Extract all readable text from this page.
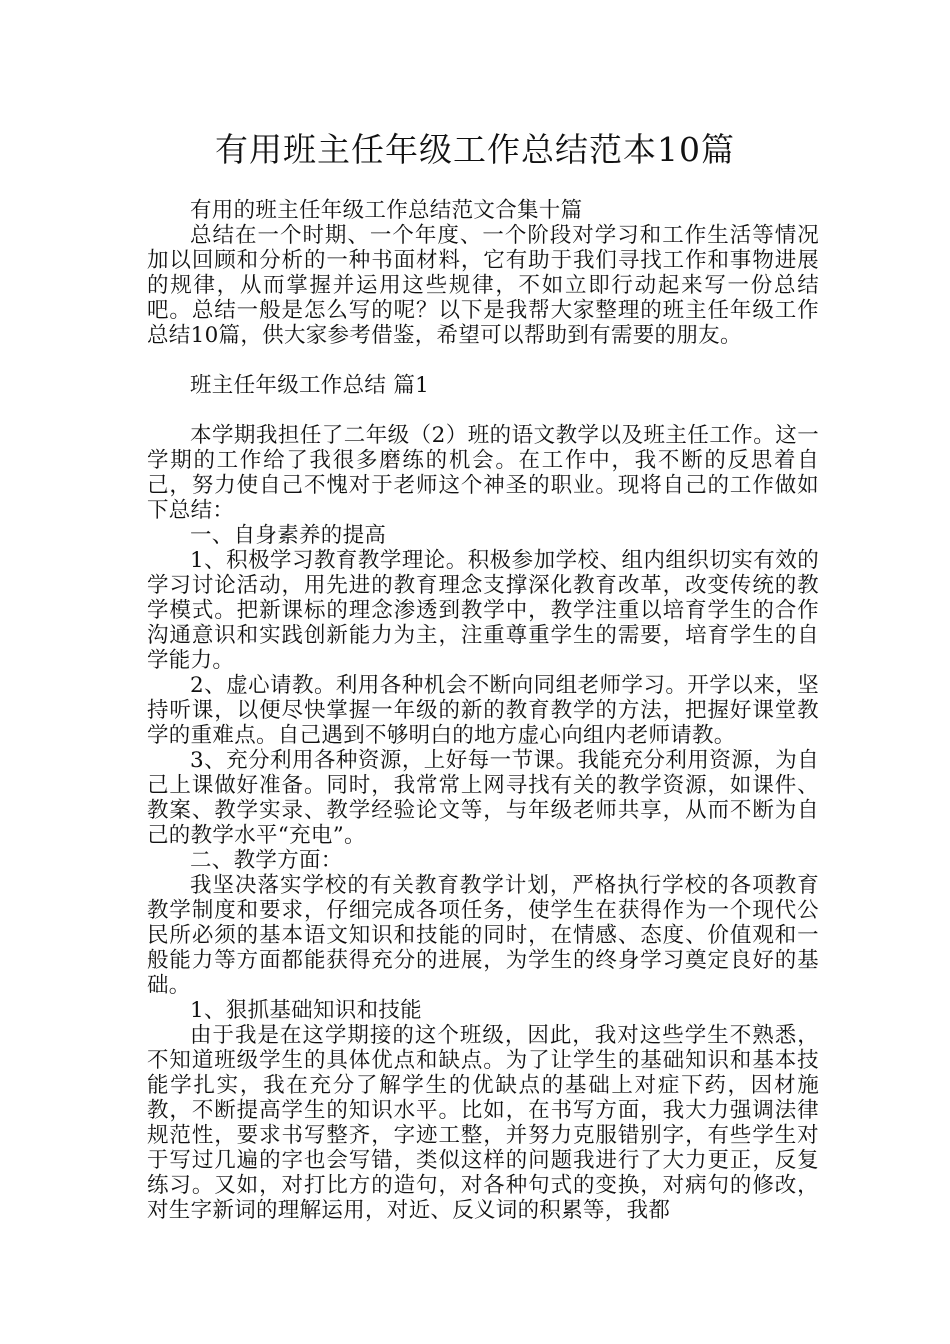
有用班主任年级工作总结范本10篇

有用的班主任年级工作总结范文合集十篇

总结在一个时期、一个年度、一个阶段对学习和工作生活等情况加以回顾和分析的一种书面材料，它有助于我们寻找工作和事物进展的规律，从而掌握并运用这些规律，不如立即行动起来写一份总结吧。总结一般是怎么写的呢？以下是我帮大家整理的班主任年级工作总结10篇，供大家参考借鉴，希望可以帮助到有需要的朋友。

班主任年级工作总结 篇1

本学期我担任了二年级（2）班的语文教学以及班主任工作。这一学期的工作给了我很多磨练的机会。在工作中，我不断的反思着自己，努力使自己不愧对于老师这个神圣的职业。现将自己的工作做如下总结：

一、自身素养的提高

1、积极学习教育教学理论。积极参加学校、组内组织切实有效的学习讨论活动，用先进的教育理念支撑深化教育改革，改变传统的教学模式。把新课标的理念渗透到教学中，教学注重以培育学生的合作沟通意识和实践创新能力为主，注重尊重学生的需要，培育学生的自学能力。

2、虚心请教。利用各种机会不断向同组老师学习。开学以来，坚持听课，以便尽快掌握一年级的新的教育教学的方法，把握好课堂教学的重难点。自己遇到不够明白的地方虚心向组内老师请教。

3、充分利用各种资源，上好每一节课。我能充分利用资源，为自己上课做好准备。同时，我常常上网寻找有关的教学资源，如课件、教案、教学实录、教学经验论文等，与年级老师共享，从而不断为自己的教学水平“充电”。

二、教学方面：

我坚决落实学校的有关教育教学计划，严格执行学校的各项教育教学制度和要求，仔细完成各项任务，使学生在获得作为一个现代公民所必须的基本语文知识和技能的同时，在情感、态度、价值观和一般能力等方面都能获得充分的进展，为学生的终身学习奠定良好的基础。

1、狠抓基础知识和技能

由于我是在这学期接的这个班级，因此，我对这些学生不熟悉，不知道班级学生的具体优点和缺点。为了让学生的基础知识和基本技能学扎实，我在充分了解学生的优缺点的基础上对症下药，因材施教，不断提高学生的知识水平。比如，在书写方面，我大力强调法律规范性，要求书写整齐，字迹工整，并努力克服错别字，有些学生对于写过几遍的字也会写错，类似这样的问题我进行了大力更正，反复练习。又如，对打比方的造句，对各种句式的变换，对病句的修改，对生字新词的理解运用，对近、反义词的积累等，我都
